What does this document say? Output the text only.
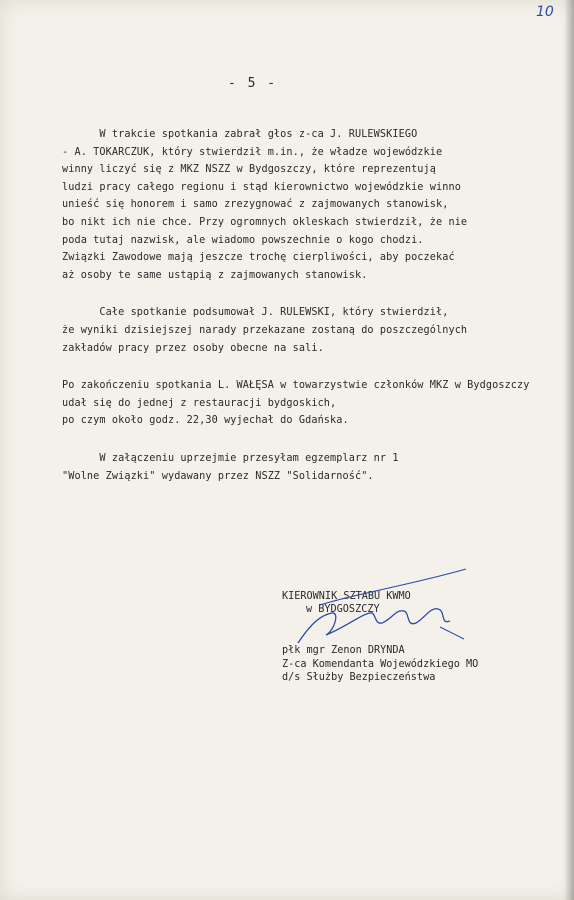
10
- 5 -
W trakcie spotkania zabrał głos z-ca J. RULEWSKIEGO
- A. TOKARCZUK, który stwierdził m.in., że władze wojewódzkie
winny liczyć się z MKZ NSZZ w Bydgoszczy, które reprezentują
ludzi pracy całego regionu i stąd kierownictwo wojewódzkie winno
unieść się honorem i samo zrezygnować z zajmowanych stanowisk,
bo nikt ich nie chce. Przy ogromnych okleskach stwierdził, że nie
poda tutaj nazwisk, ale wiadomo powszechnie o kogo chodzi.
Związki Zawodowe mają jeszcze trochę cierpliwości, aby poczekać
aż osoby te same ustąpią z zajmowanych stanowisk.
Całe spotkanie podsumował J. RULEWSKI, który stwierdził,
że wyniki dzisiejszej narady przekazane zostaną do poszczególnych
zakładów pracy przez osoby obecne na sali.
Po zakończeniu spotkania L. WAŁĘSA w towarzystwie członków MKZ w Bydgoszczy udał się do jednej z restauracji bydgoskich,
po czym około godz. 22,30 wyjechał do Gdańska.
W załączeniu uprzejmie przesyłam egzemplarz nr 1
"Wolne Związki" wydawany przez NSZZ "Solidarność".
KIEROWNIK SZTABU KWMO
w BYDGOSZCZY
płk mgr Zenon DRYNDA
Z-ca Komendanta Wojewódzkiego MO
d/s Służby Bezpieczeństwa
